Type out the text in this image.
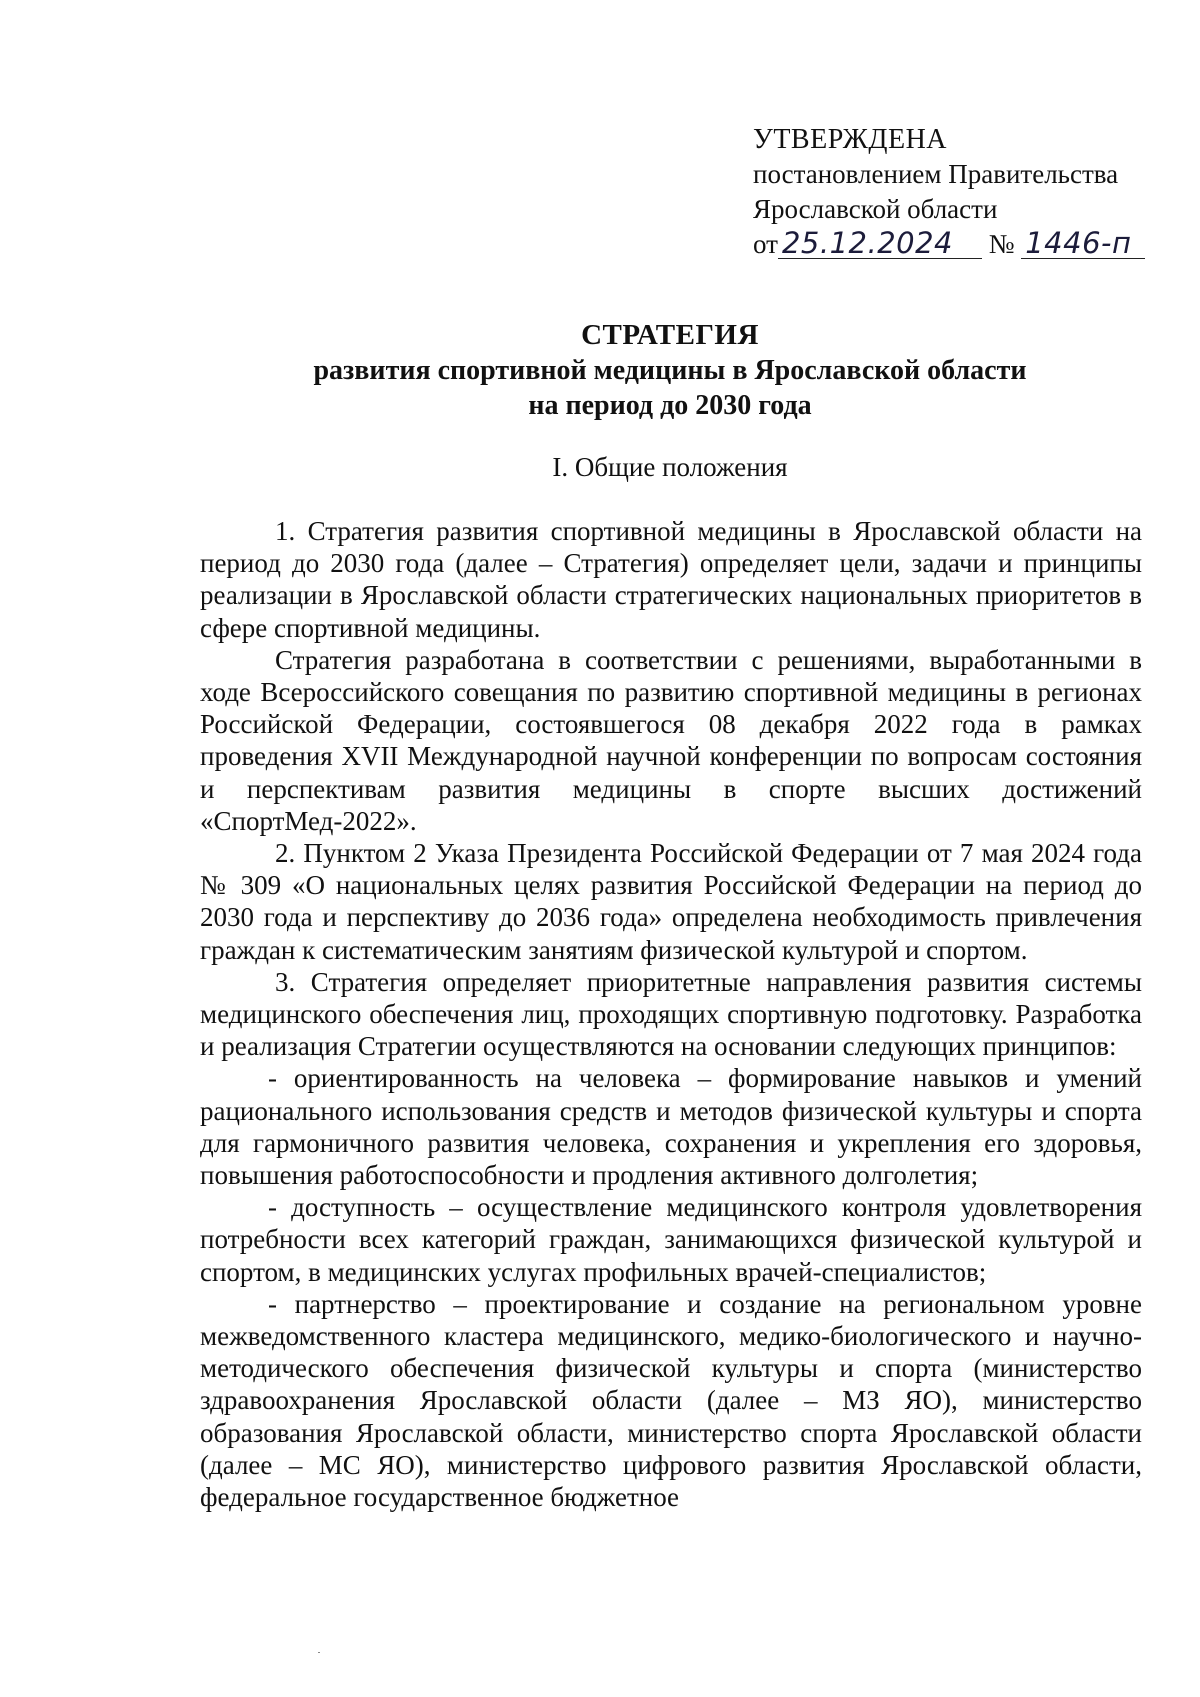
УТВЕРЖДЕНА
постановлением Правительства
Ярославской области
от 25.12.2024 № 1446-п
СТРАТЕГИЯ
развития спортивной медицины в Ярославской области
на период до 2030 года
I. Общие положения

1. Стратегия развития спортивной медицины в Ярославской области на период до 2030 года (далее – Стратегия) определяет цели, задачи и принципы реализации в Ярославской области стратегических национальных приоритетов в сфере спортивной медицины.

Стратегия разработана в соответствии с решениями, выработанными в ходе Всероссийского совещания по развитию спортивной медицины в регионах Российской Федерации, состоявшегося 08 декабря 2022 года в рамках проведения XVII Международной научной конференции по вопросам состояния и перспективам развития медицины в спорте высших достижений «СпортМед-2022».

2. Пунктом 2 Указа Президента Российской Федерации от 7 мая 2024 года № 309 «О национальных целях развития Российской Федерации на период до 2030 года и перспективу до 2036 года» определена необходимость привлечения граждан к систематическим занятиям физической культурой и спортом.

3. Стратегия определяет приоритетные направления развития системы медицинского обеспечения лиц, проходящих спортивную подготовку. Разработка и реализация Стратегии осуществляются на основании следующих принципов:

- ориентированность на человека – формирование навыков и умений рационального использования средств и методов физической культуры и спорта для гармоничного развития человека, сохранения и укрепления его здоровья, повышения работоспособности и продления активного долголетия;

- доступность – осуществление медицинского контроля удовлетворения потребности всех категорий граждан, занимающихся физической культурой и спортом, в медицинских услугах профильных врачей-специалистов;

- партнерство – проектирование и создание на региональном уровне межведомственного кластера медицинского, медико-биологического и научно-методического обеспечения физической культуры и спорта (министерство здравоохранения Ярославской области (далее – МЗ ЯО), министерство образования Ярославской области, министерство спорта Ярославской области (далее – МС ЯО), министерство цифрового развития Ярославской области, федеральное государственное бюджетное
